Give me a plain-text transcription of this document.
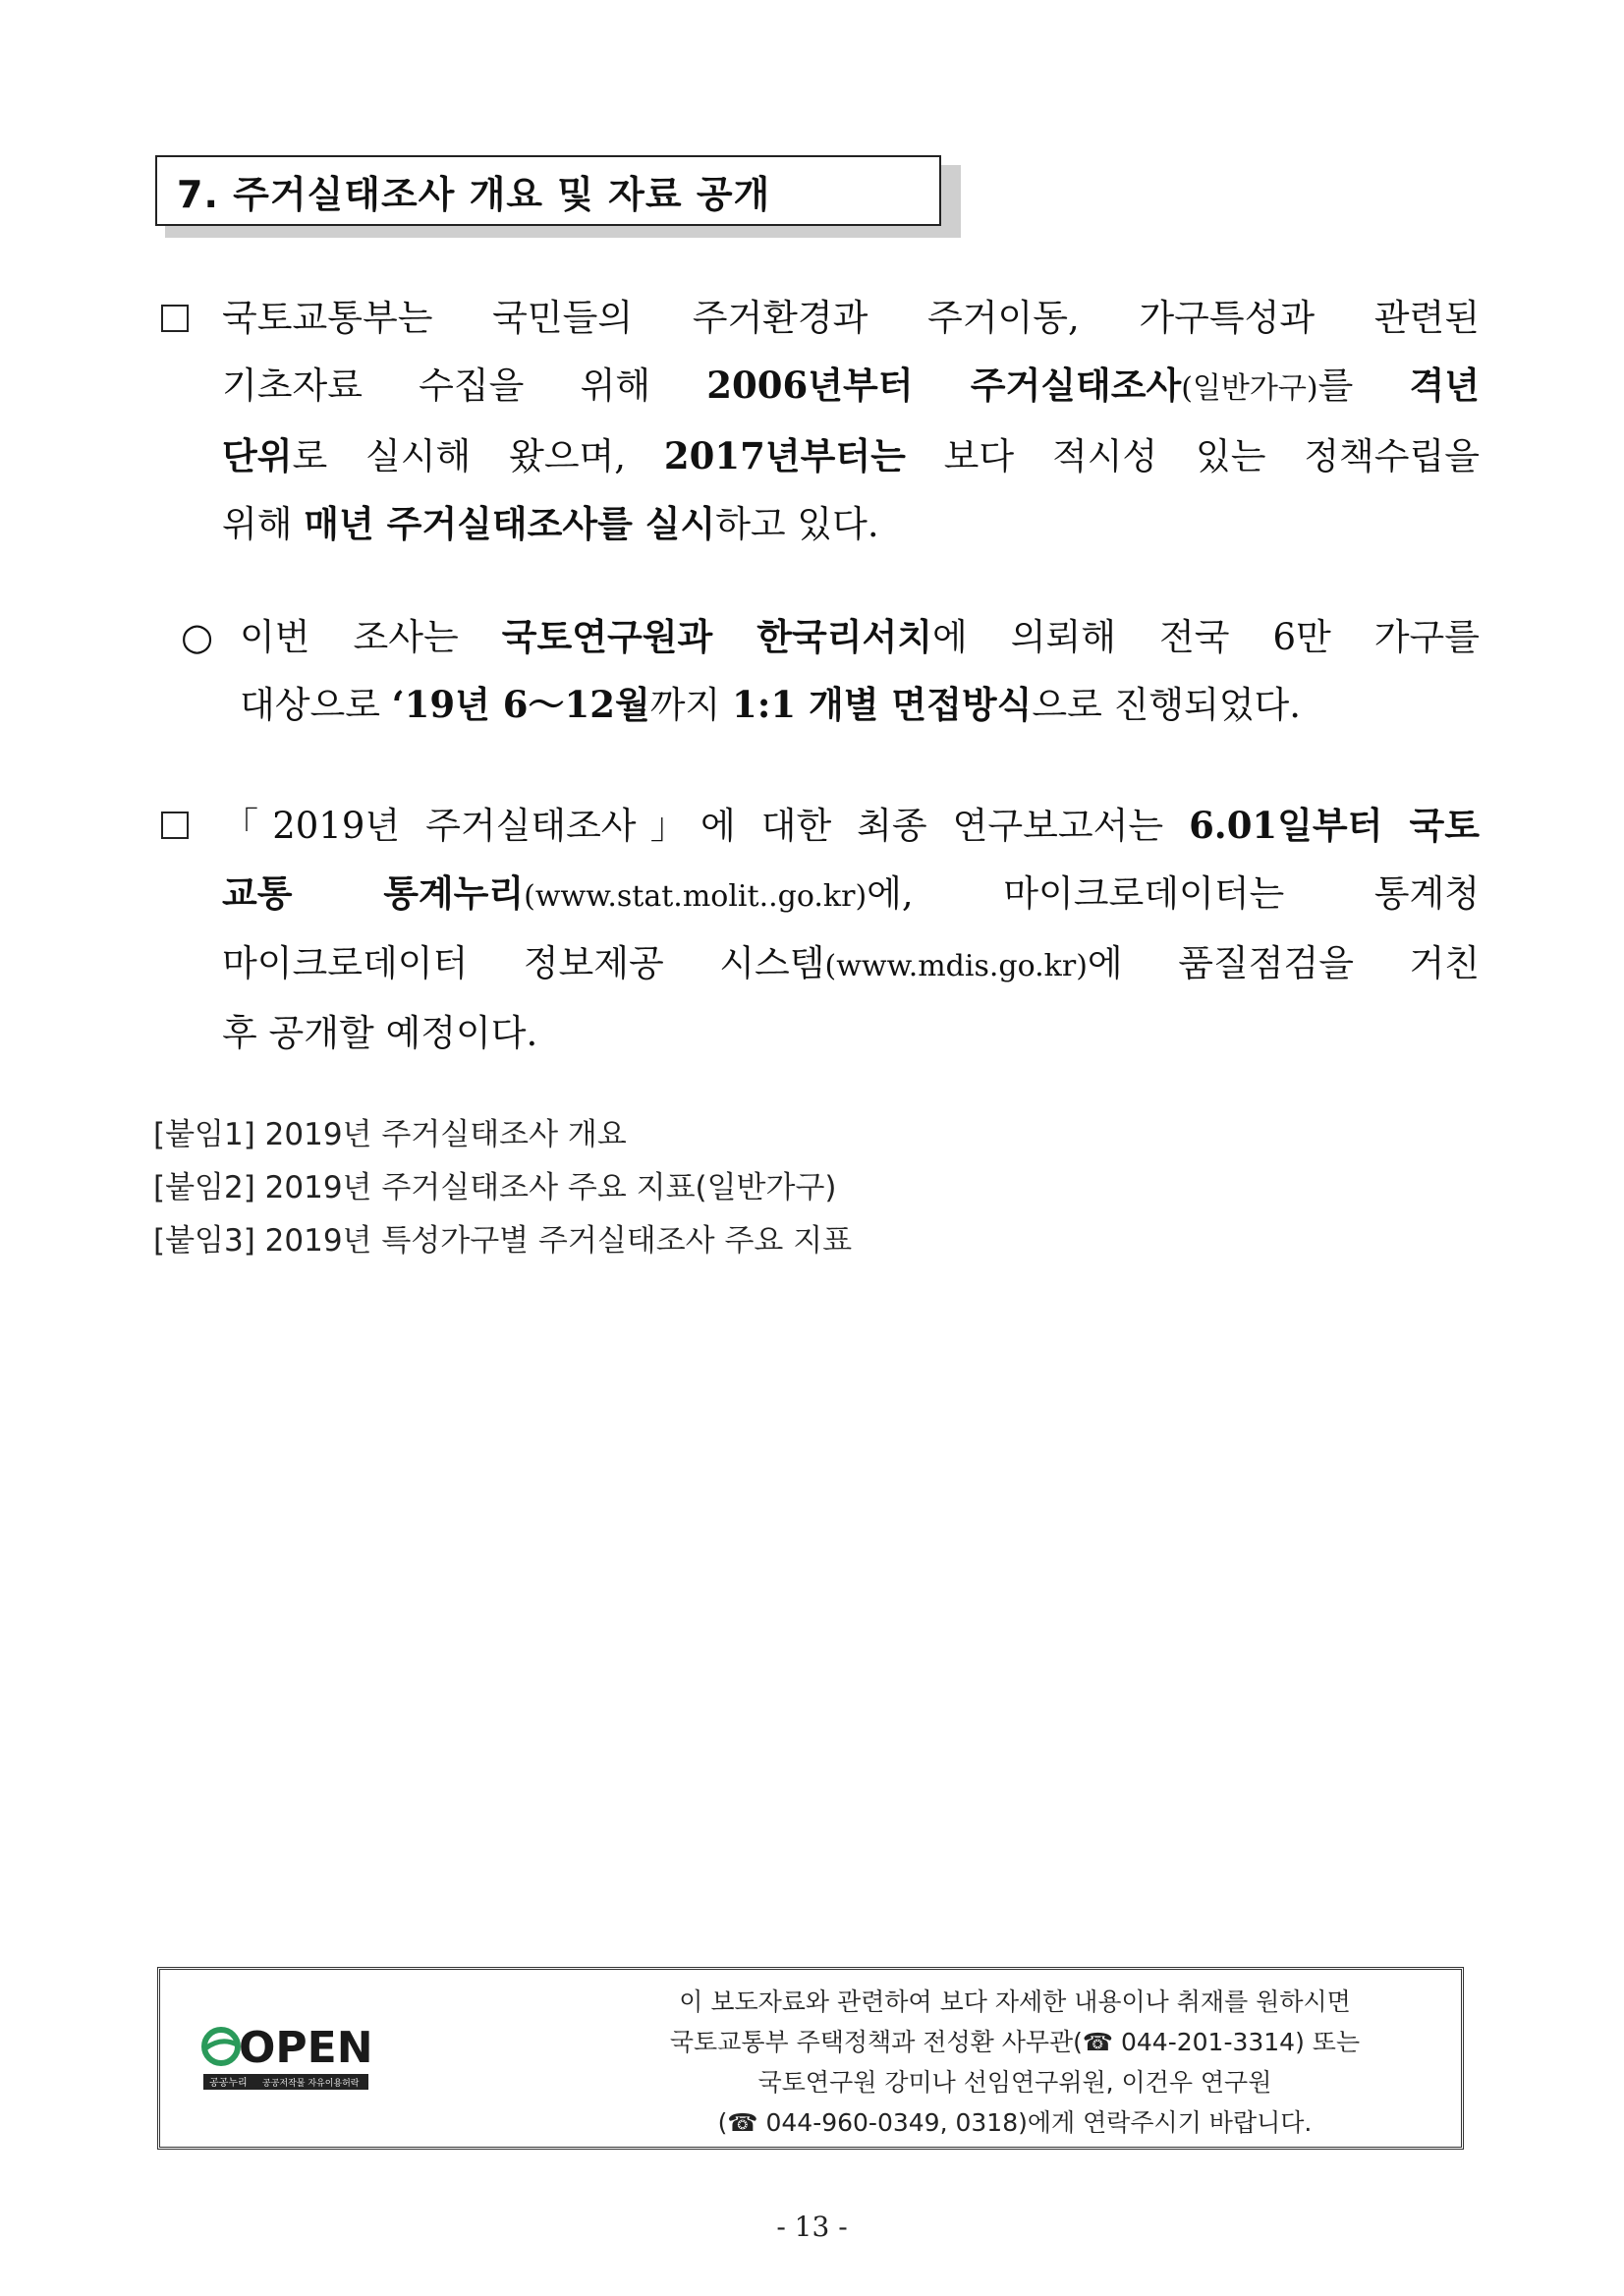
7. 주거실태조사 개요 및 자료 공개
국토교통부는 국민들의 주거환경과 주거이동, 가구특성과 관련된
기초자료 수집을 위해 2006년부터 주거실태조사(일반가구)를 격년
단위로 실시해 왔으며, 2017년부터는 보다 적시성 있는 정책수립을
위해 매년 주거실태조사를 실시하고 있다.
○ 이번 조사는 국토연구원과 한국리서치에 의뢰해 전국 6만 가구를
대상으로 ‘19년 6～12월까지 1:1 개별 면접방식으로 진행되었다.
「2019년 주거실태조사」에 대한 최종 연구보고서는 6.01일부터 국토
교통 통계누리(www.stat.molit..go.kr)에, 마이크로데이터는 통계청
마이크로데이터 정보제공 시스템(www.mdis.go.kr)에 품질점검을 거친
후 공개할 예정이다.
[붙임1] 2019년 주거실태조사 개요
[붙임2] 2019년 주거실태조사 주요 지표(일반가구)
[붙임3] 2019년 특성가구별 주거실태조사 주요 지표
OPEN
공공누리 공공저작물 자유이용허락
이 보도자료와 관련하여 보다 자세한 내용이나 취재를 원하시면
국토교통부 주택정책과 전성환 사무관(☎ 044-201-3314) 또는
국토연구원 강미나 선임연구위원, 이건우 연구원
(☎ 044-960-0349, 0318)에게 연락주시기 바랍니다.
- 13 -
